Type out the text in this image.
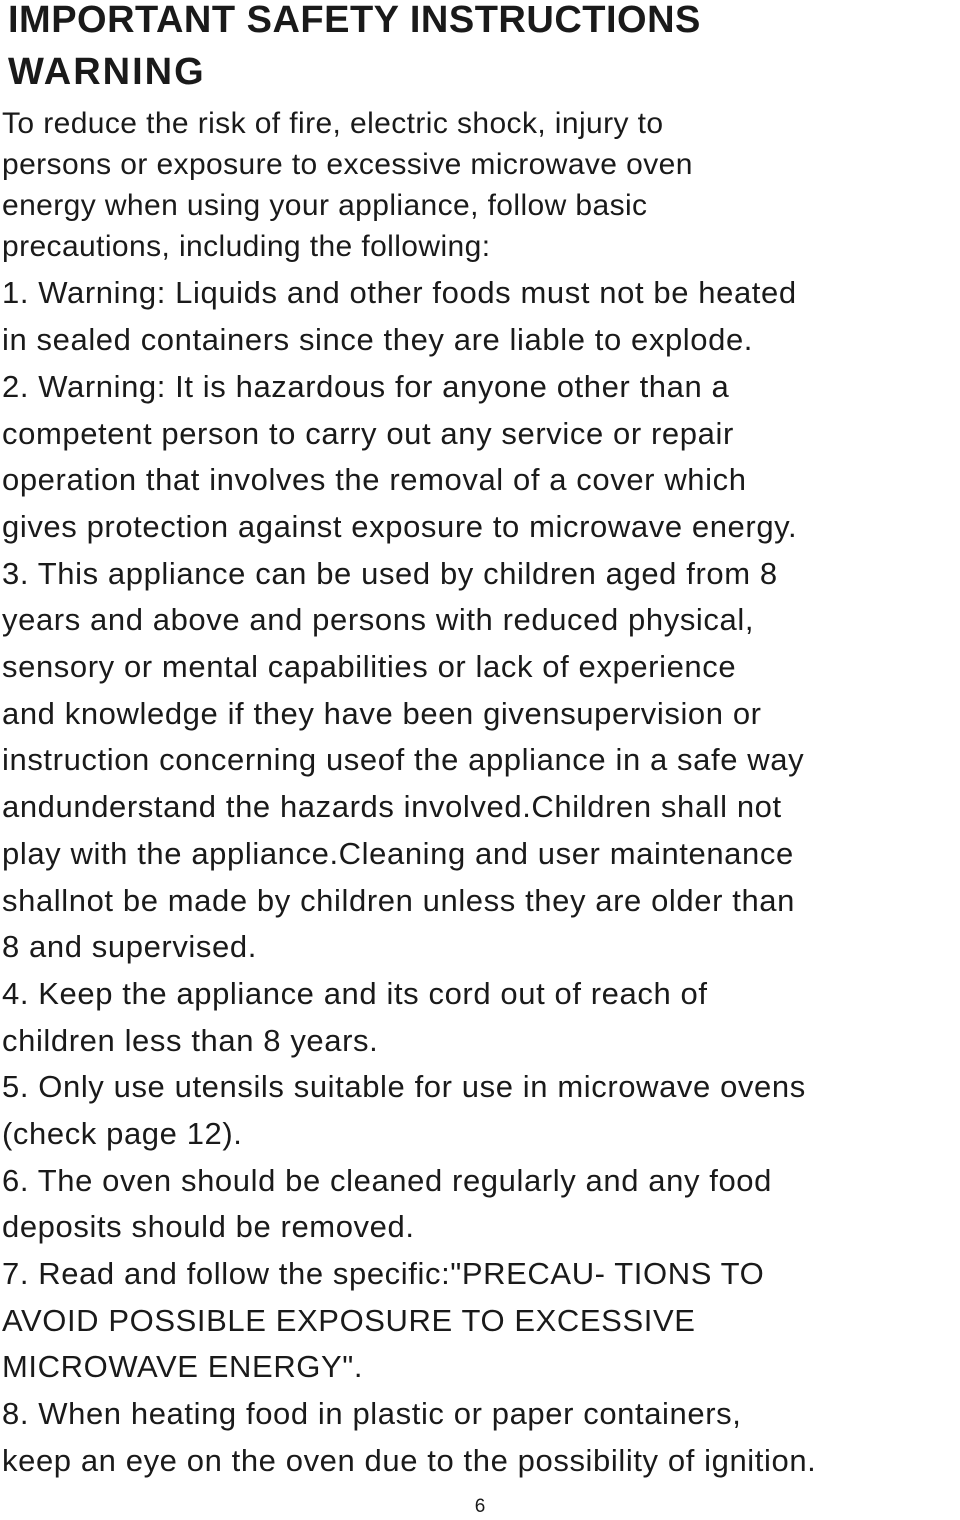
IMPORTANT SAFETY INSTRUCTIONS
WARNING

To reduce the risk of fire, electric shock, injury to

persons or exposure to excessive microwave oven

energy when using your appliance, follow basic

precautions, including the following:

1. Warning: Liquids and other foods must not be heated

in sealed containers since they are liable to explode.

2. Warning: It is hazardous for anyone other than a

competent person to carry out any service or repair

operation that involves the removal of a cover which

gives protection against exposure to microwave energy.

3. This appliance can be used by children aged from 8

years and above and persons with reduced physical,

sensory or mental capabilities or lack of experience

and knowledge if they have been givensupervision or

instruction concerning useof the appliance in a safe way

andunderstand the hazards involved.Children shall not

play with the appliance.Cleaning and user maintenance

shallnot be made by children unless they are older than

8 and supervised.

4. Keep the appliance and its cord out of reach of

children less than 8 years.

5. Only use utensils suitable for use in microwave ovens

(check page 12).

6. The oven should be cleaned regularly and any food

deposits should be removed.

7. Read and follow the specific:"PRECAU- TIONS TO

AVOID POSSIBLE EXPOSURE TO EXCESSIVE

MICROWAVE ENERGY".

8. When heating food in plastic or paper containers,

keep an eye on the oven due to the possibility of ignition.

6
